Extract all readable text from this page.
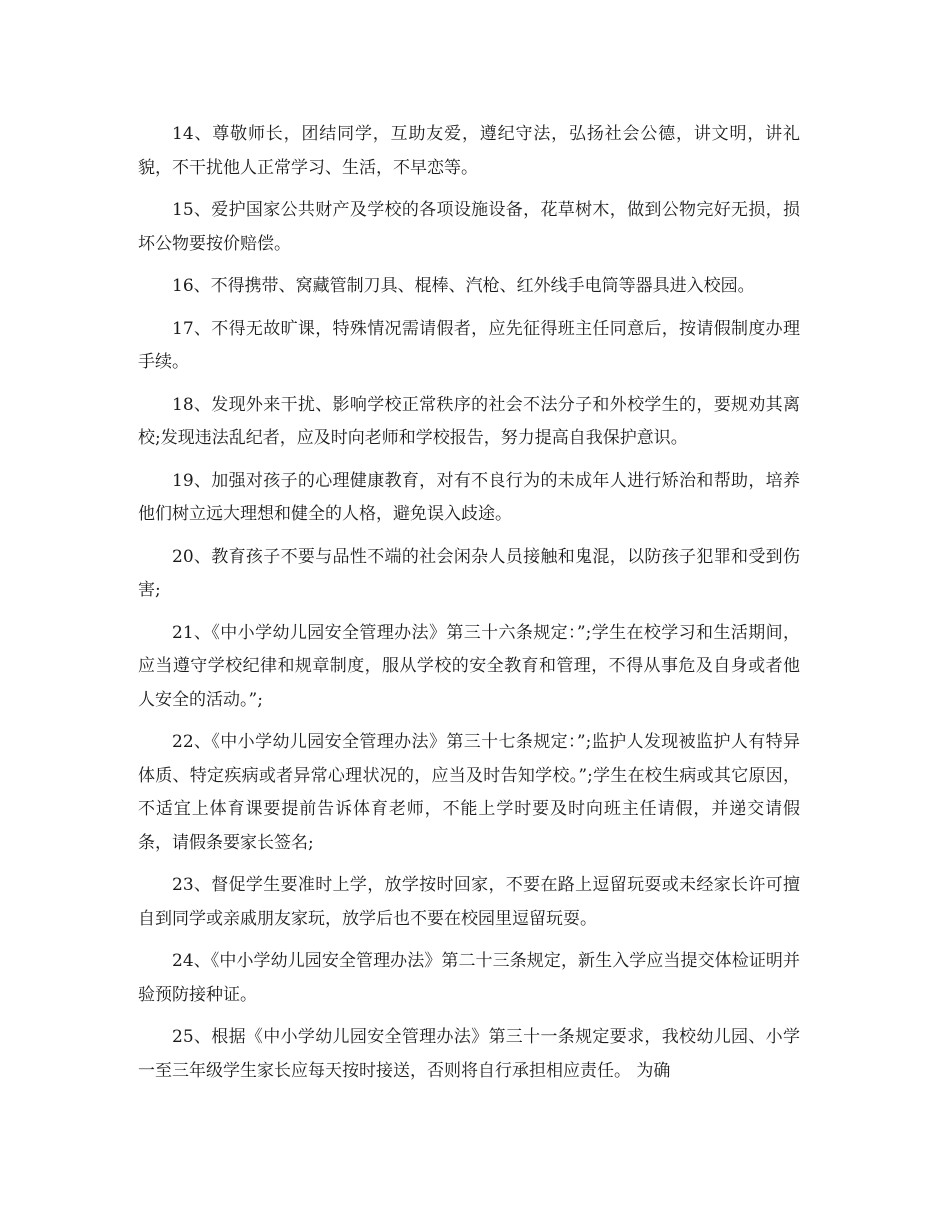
14、尊敬师长，团结同学，互助友爱，遵纪守法，弘扬社会公德，讲文明，讲礼貌，不干扰他人正常学习、生活，不早恋等。

15、爱护国家公共财产及学校的各项设施设备，花草树木，做到公物完好无损，损坏公物要按价赔偿。

16、不得携带、窝藏管制刀具、棍棒、汽枪、红外线手电筒等器具进入校园。

17、不得无故旷课，特殊情况需请假者，应先征得班主任同意后，按请假制度办理手续。

18、发现外来干扰、影响学校正常秩序的社会不法分子和外校学生的，要规劝其离校;发现违法乱纪者，应及时向老师和学校报告，努力提高自我保护意识。

19、加强对孩子的心理健康教育，对有不良行为的未成年人进行矫治和帮助，培养他们树立远大理想和健全的人格，避免误入歧途。

20、教育孩子不要与品性不端的社会闲杂人员接触和鬼混，以防孩子犯罪和受到伤害;

21、《中小学幼儿园安全管理办法》第三十六条规定：”;学生在校学习和生活期间，应当遵守学校纪律和规章制度，服从学校的安全教育和管理，不得从事危及自身或者他人安全的活动。”;

22、《中小学幼儿园安全管理办法》第三十七条规定：”;监护人发现被监护人有特异体质、特定疾病或者异常心理状况的，应当及时告知学校。”;学生在校生病或其它原因，不适宜上体育课要提前告诉体育老师，不能上学时要及时向班主任请假，并递交请假条，请假条要家长签名;

23、督促学生要准时上学，放学按时回家，不要在路上逗留玩耍或未经家长许可擅自到同学或亲戚朋友家玩，放学后也不要在校园里逗留玩耍。

24、《中小学幼儿园安全管理办法》第二十三条规定，新生入学应当提交体检证明并验预防接种证。

25、根据《中小学幼儿园安全管理办法》第三十一条规定要求，我校幼儿园、小学一至三年级学生家长应每天按时接送，否则将自行承担相应责任。 为确
